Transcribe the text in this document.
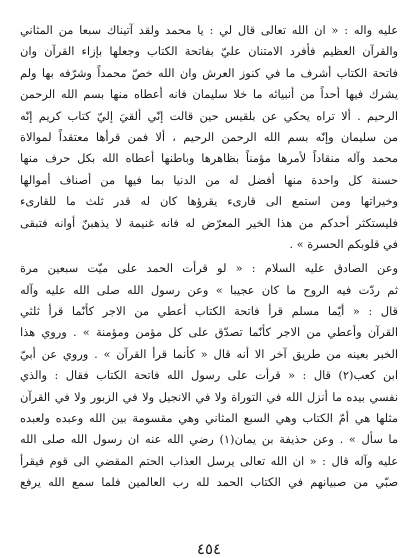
عليه واله : « ان الله تعالى قال لي : يا محمد ولقد آتيناك سبعا من المثاني
والقرآن العظيم فأفرد الامتنان عليّ بفاتحة الكتاب وجعلها بإزاء القرآن وان
فاتحة الكتاب أشرف ما في كنوز العرش وان الله خصّ محمداً وشرّفه بها ولم
يشرك فيها أحداً من أنبيائه ما خلا سليمان فانه أعطاه منها بسم الله الرحمن
الرحيم . ألا تراه يحكي عن بلقيس حين قالت إنّي ألقيَ إليّ كتاب كريم إنّه
من سليمان وإنّه بسم الله الرحمن الرحيم ، ألا فمن قرأها معتقداً لموالاة
محمد وآله منقاداً لأمرها مؤمناً بظاهرها وباطنها أعطاه الله بكل حرف منها
حسنة كل واحدة منها أفضل له من الدنيا بما فيها من أصناف أموالها
وخيراتها ومن استمع الى قارىء يقرؤها كان له قدر ثلث ما للقارىء
فليستكثر أحدكم من هذا الخير المعرّض له فانه غنيمة لا يذهبنّ أوانه فتبقى
في قلوبكم الحسرة » .
وعن الصادق عليه السلام : « لو قرأت الحمد على ميّت سبعين مرة
ثم ردّت فيه الروح ما كان عجيبا » وعن رسول الله صلى الله عليه وآله
قال : « أيّما مسلم قرأ فاتحة الكتاب أعطي من الاجر كأنّما قرأ ثلثي
القرآن وأعطي من الاجر كأنّما تصدّق على كل مؤمن ومؤمنة » . وروي هذا
الخبر بعينه من طريق آخر الا أنه قال « كأنما قرأ القرآن » . وروي عن أبيّ
ابن كعب(٢) قال : « قرأت على رسول الله فاتحة الكتاب فقال : والذي
نفسي بيده ما أنزل الله في التوراة ولا في الانجيل ولا في الزبور ولا في القرآن
مثلها هي أمّ الكتاب وهي السبع المثاني وهي مقسومة بين الله وعبده ولعبده
ما سأل » . وعن حذيفة بن يمان(١) رضي الله عنه ان رسول الله صلى الله
عليه وآله قال : « ان الله تعالى يرسل العذاب الحتم المقضي الى قوم فيقرأ
صبّي من صبيانهم في الكتاب الحمد لله رب العالمين فلما سمع الله يرفع
٤٥٤
